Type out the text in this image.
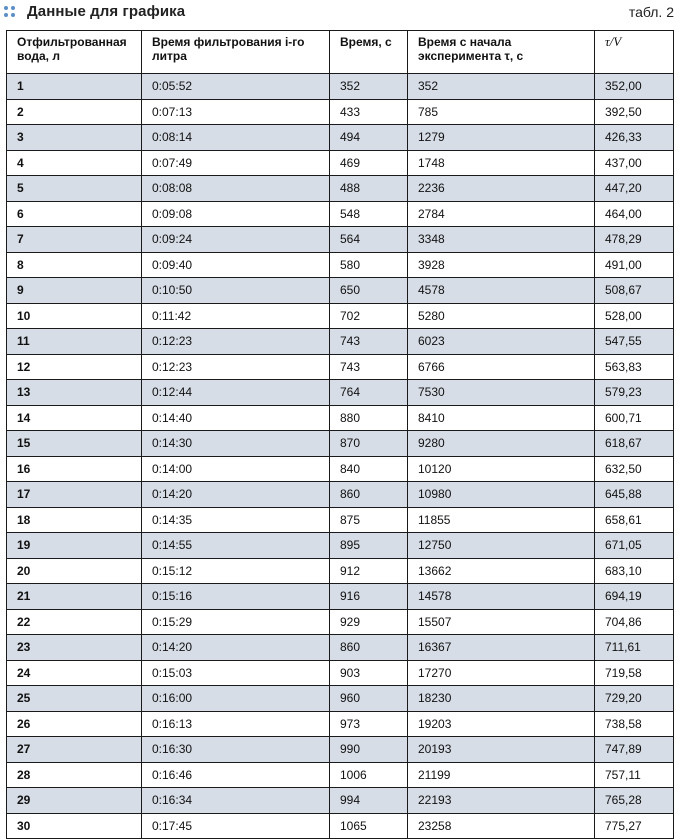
Данные для графика	табл. 2
Отфильтрованная вода, л	Время фильтрования i-го литра	Время, с	Время с начала эксперимента τ, с	τ/V
1	0:05:52	352	352	352,00
2	0:07:13	433	785	392,50
3	0:08:14	494	1279	426,33
4	0:07:49	469	1748	437,00
5	0:08:08	488	2236	447,20
6	0:09:08	548	2784	464,00
7	0:09:24	564	3348	478,29
8	0:09:40	580	3928	491,00
9	0:10:50	650	4578	508,67
10	0:11:42	702	5280	528,00
11	0:12:23	743	6023	547,55
12	0:12:23	743	6766	563,83
13	0:12:44	764	7530	579,23
14	0:14:40	880	8410	600,71
15	0:14:30	870	9280	618,67
16	0:14:00	840	10120	632,50
17	0:14:20	860	10980	645,88
18	0:14:35	875	11855	658,61
19	0:14:55	895	12750	671,05
20	0:15:12	912	13662	683,10
21	0:15:16	916	14578	694,19
22	0:15:29	929	15507	704,86
23	0:14:20	860	16367	711,61
24	0:15:03	903	17270	719,58
25	0:16:00	960	18230	729,20
26	0:16:13	973	19203	738,58
27	0:16:30	990	20193	747,89
28	0:16:46	1006	21199	757,11
29	0:16:34	994	22193	765,28
30	0:17:45	1065	23258	775,27
